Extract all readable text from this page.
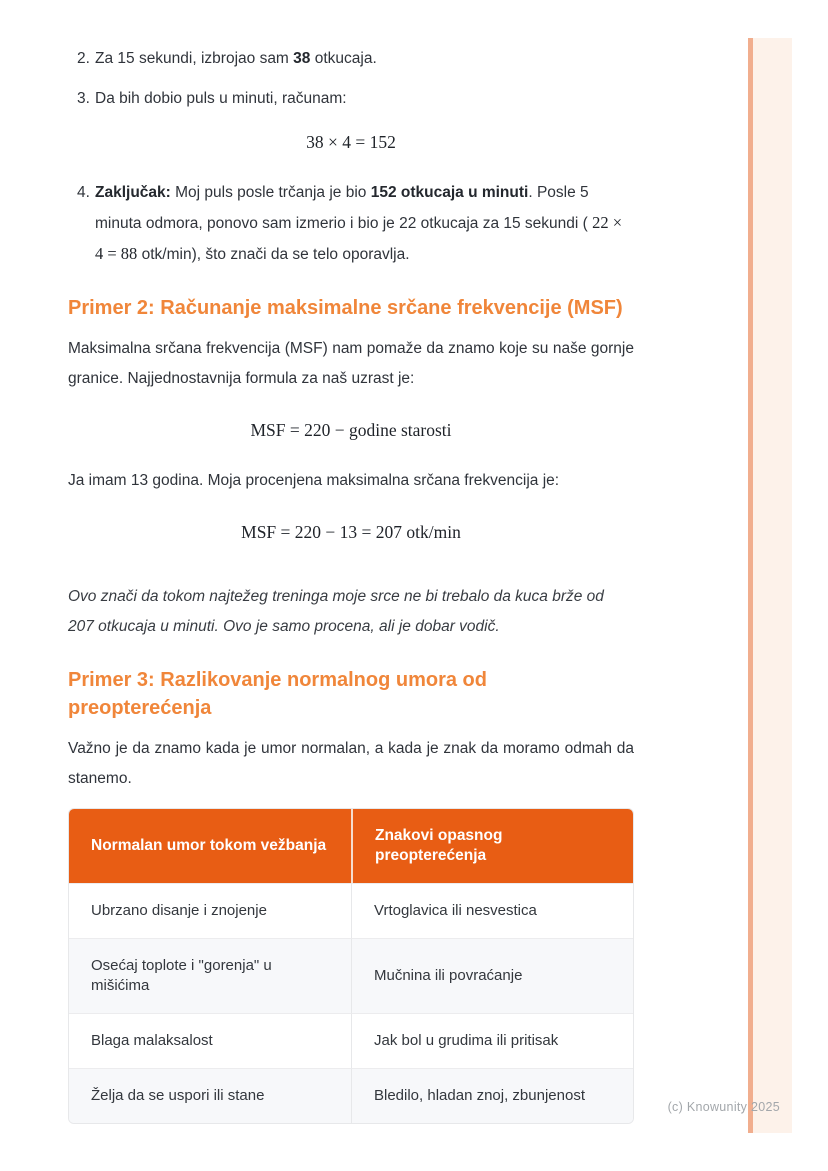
2. Za 15 sekundi, izbrojao sam 38 otkucaja.
3. Da bih dobio puls u minuti, računam:
38 × 4 = 152
4. Zaključak: Moj puls posle trčanja je bio 152 otkucaja u minuti. Posle 5 minuta odmora, ponovo sam izmerio i bio je 22 otkucaja za 15 sekundi ( 22 × 4 = 88 otk/min), što znači da se telo oporavlja.
Primer 2: Računanje maksimalne srčane frekvencije (MSF)

Maksimalna srčana frekvencija (MSF) nam pomaže da znamo koje su naše gornje granice. Najjednostavnija formula za naš uzrast je:

MSF = 220 − godine starosti

Ja imam 13 godina. Moja procenjena maksimalna srčana frekvencija je:

MSF = 220 − 13 = 207 otk/min

Ovo znači da tokom najtežeg treninga moje srce ne bi trebalo da kuca brže od 207 otkucaja u minuti. Ovo je samo procena, ali je dobar vodič.

Primer 3: Razlikovanje normalnog umora od preopterećenja

Važno je da znamo kada je umor normalan, a kada je znak da moramo odmah da stanemo.

Normalan umor tokom vežbanja	Znakovi opasnog preopterećenja
Ubrzano disanje i znojenje	Vrtoglavica ili nesvestica
Osećaj toplote i "gorenja" u mišićima	Mučnina ili povraćanje
Blaga malaksalost	Jak bol u grudima ili pritisak
Želja da se uspori ili stane	Bledilo, hladan znoj, zbunjenost
(c) Knowunity 2025
